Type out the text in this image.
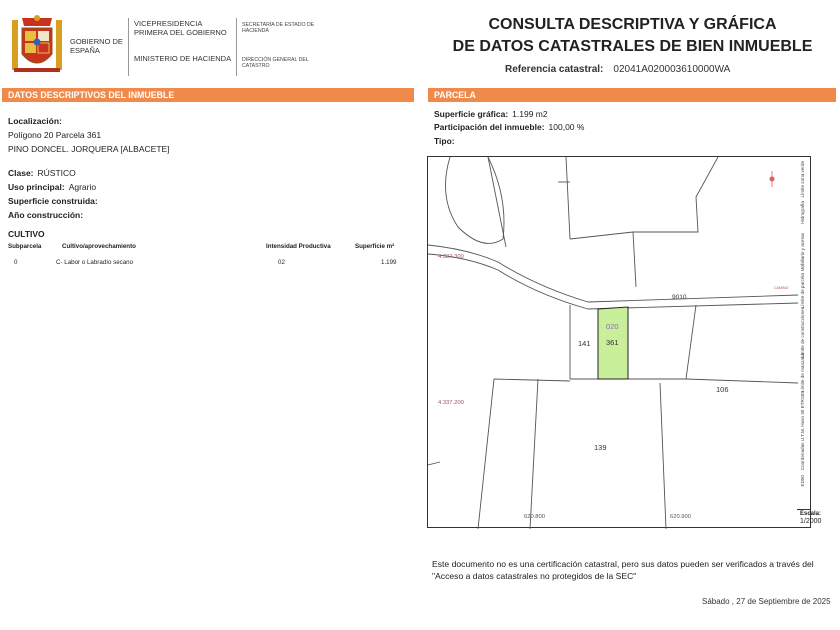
GOBIERNO DE ESPAÑA
VICEPRESIDENCIA PRIMERA DEL GOBIERNO
MINISTERIO DE HACIENDA
SECRETARÍA DE ESTADO DE HACIENDA
DIRECCIÓN GENERAL DEL CATASTRO
CONSULTA DESCRIPTIVA Y GRÁFICA
DE DATOS CATASTRALES DE BIEN INMUEBLE
Referencia catastral: 02041A020003610000WA
DATOS DESCRIPTIVOS DEL INMUEBLE	PARCELA
Localización:
Polígono 20 Parcela 361
PINO DONCEL. JORQUERA [ALBACETE]
Clase: RÚSTICO
Uso principal: Agrario
Superficie construida:
Año construcción:
CULTIVO
Subparcela	Cultivo/aprovechamiento	Intensidad Productiva	Superficie m²
0	C- Labor o Labradío secano	02	1.199
Superficie gráfica: 1.199 m2
Participación del inmueble: 100,00 %
Tipo:
020
361
141
106
139
9010
CAMINO
4.337.300
4.337.200
620.800	620.900
Límite zona verde
Hidrografía
Mobiliario y aceras
Límite de parcela
Límite de construcciones
Límite de manzana
Coordenadas U.T.M. Huso 30 ETRS89
ED50
Escala:
1/2000
Este documento no es una certificación catastral, pero sus datos pueden ser verificados a través del "Acceso a datos catastrales no protegidos de la SEC"
Sábado , 27 de Septiembre de 2025
